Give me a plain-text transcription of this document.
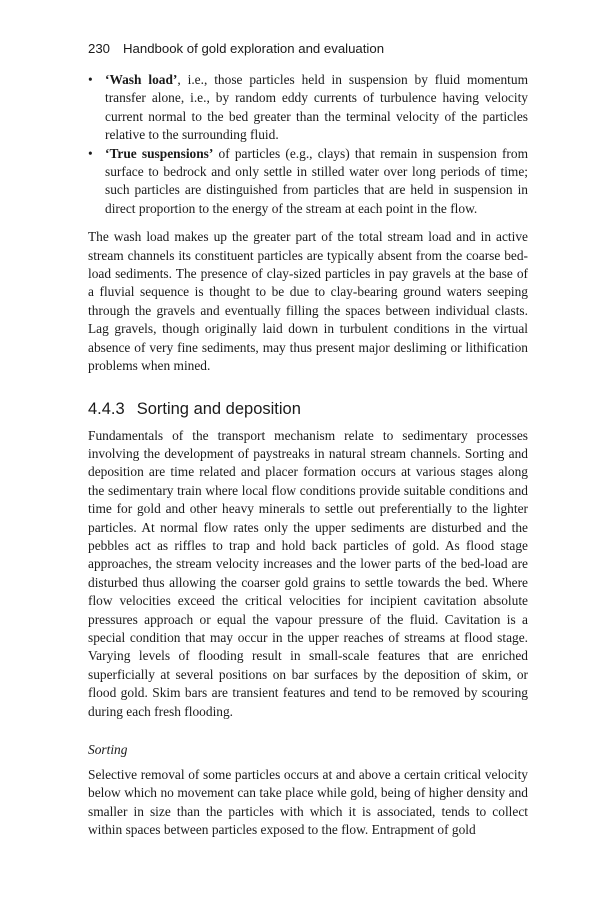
230 Handbook of gold exploration and evaluation
• ‘Wash load’, i.e., those particles held in suspension by fluid momentum transfer alone, i.e., by random eddy currents of turbulence having velocity current normal to the bed greater than the terminal velocity of the particles relative to the surrounding fluid.
• ‘True suspensions’ of particles (e.g., clays) that remain in suspension from surface to bedrock and only settle in stilled water over long periods of time; such particles are distinguished from particles that are held in suspension in direct proportion to the energy of the stream at each point in the flow.

The wash load makes up the greater part of the total stream load and in active stream channels its constituent particles are typically absent from the coarse bed-load sediments. The presence of clay-sized particles in pay gravels at the base of a fluvial sequence is thought to be due to clay-bearing ground waters seeping through the gravels and eventually filling the spaces between individual clasts. Lag gravels, though originally laid down in turbulent conditions in the virtual absence of very fine sediments, may thus present major desliming or lithification problems when mined.

4.4.3 Sorting and deposition

Fundamentals of the transport mechanism relate to sedimentary processes involving the development of paystreaks in natural stream channels. Sorting and deposition are time related and placer formation occurs at various stages along the sedimentary train where local flow conditions provide suitable conditions and time for gold and other heavy minerals to settle out preferentially to the lighter particles. At normal flow rates only the upper sediments are disturbed and the pebbles act as riffles to trap and hold back particles of gold. As flood stage approaches, the stream velocity increases and the lower parts of the bed-load are disturbed thus allowing the coarser gold grains to settle towards the bed. Where flow velocities exceed the critical velocities for incipient cavitation absolute pressures approach or equal the vapour pressure of the fluid. Cavitation is a special condition that may occur in the upper reaches of streams at flood stage. Varying levels of flooding result in small-scale features that are enriched superficially at several positions on bar surfaces by the deposition of skim, or flood gold. Skim bars are transient features and tend to be removed by scouring during each fresh flooding.

Sorting

Selective removal of some particles occurs at and above a certain critical velocity below which no movement can take place while gold, being of higher density and smaller in size than the particles with which it is associated, tends to collect within spaces between particles exposed to the flow. Entrapment of gold
